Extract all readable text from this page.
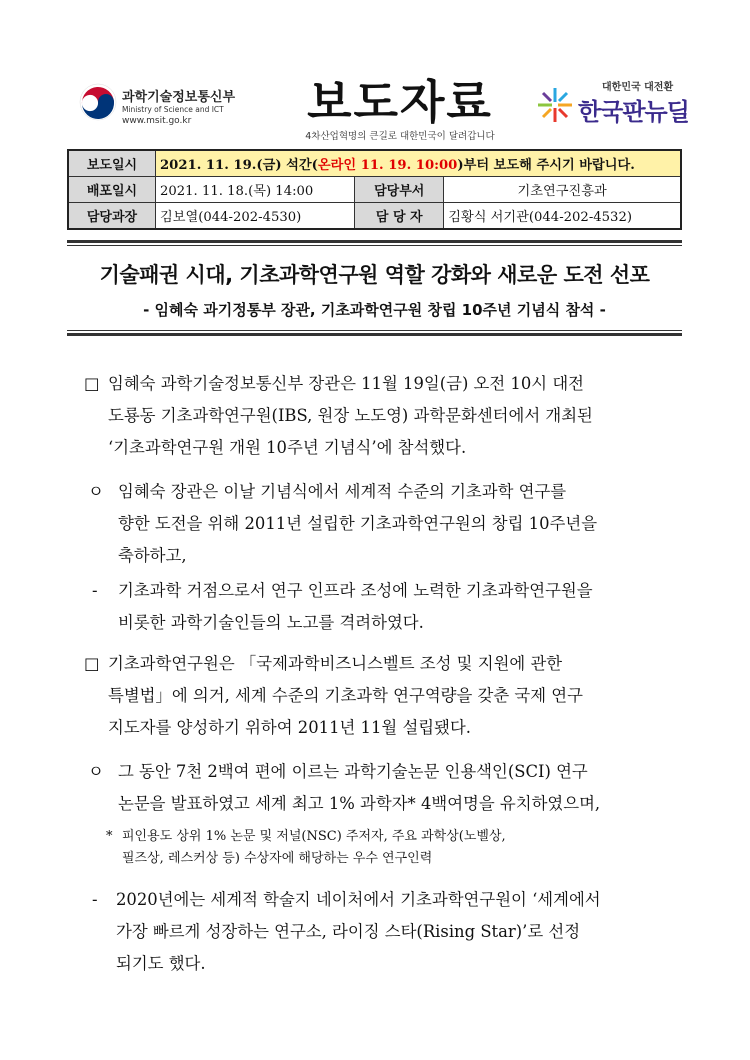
과학기술정보통신부
Ministry of Science and ICT
www.msit.go.kr	보도자료
4차산업혁명의 큰길로 대한민국이 달려갑니다
대한민국 대전환
한국판뉴딜
보도일시	2021. 11. 19.(금) 석간(온라인 11. 19. 10:00)부터 보도해 주시기 바랍니다.		
배포일시	2021. 11. 18.(목) 14:00	담당부서	기초연구진흥과
담당과장	김보열(044-202-4530)	담 당 자	김황식 서기관(044-202-4532)
기술패권 시대, 기초과학연구원 역할 강화와 새로운 도전 선포
- 임혜숙 과기정통부 장관, 기초과학연구원 창립 10주년 기념식 참석 -
□ 임혜숙 과학기술정보통신부 장관은 11월 19일(금) 오전 10시 대전
도룡동 기초과학연구원(IBS, 원장 노도영) 과학문화센터에서 개최된
‘기초과학연구원 개원 10주년 기념식’에 참석했다.
ㅇ 임혜숙 장관은 이날 기념식에서 세계적 수준의 기초과학 연구를
향한 도전을 위해 2011년 설립한 기초과학연구원의 창립 10주년을
축하하고,
- 기초과학 거점으로서 연구 인프라 조성에 노력한 기초과학연구원을
비롯한 과학기술인들의 노고를 격려하였다.
□ 기초과학연구원은 「국제과학비즈니스벨트 조성 및 지원에 관한
특별법」에 의거, 세계 수준의 기초과학 연구역량을 갖춘 국제 연구
지도자를 양성하기 위하여 2011년 11월 설립됐다.
ㅇ 그 동안 7천 2백여 편에 이르는 과학기술논문 인용색인(SCI) 연구
논문을 발표하였고 세계 최고 1% 과학자* 4백여명을 유치하였으며,
* 피인용도 상위 1% 논문 및 저널(NSC) 주저자, 주요 과학상(노벨상,
필즈상, 레스커상 등) 수상자에 해당하는 우수 연구인력
- 2020년에는 세계적 학술지 네이처에서 기초과학연구원이 ‘세계에서
가장 빠르게 성장하는 연구소, 라이징 스타(Rising Star)’로 선정
되기도 했다.
